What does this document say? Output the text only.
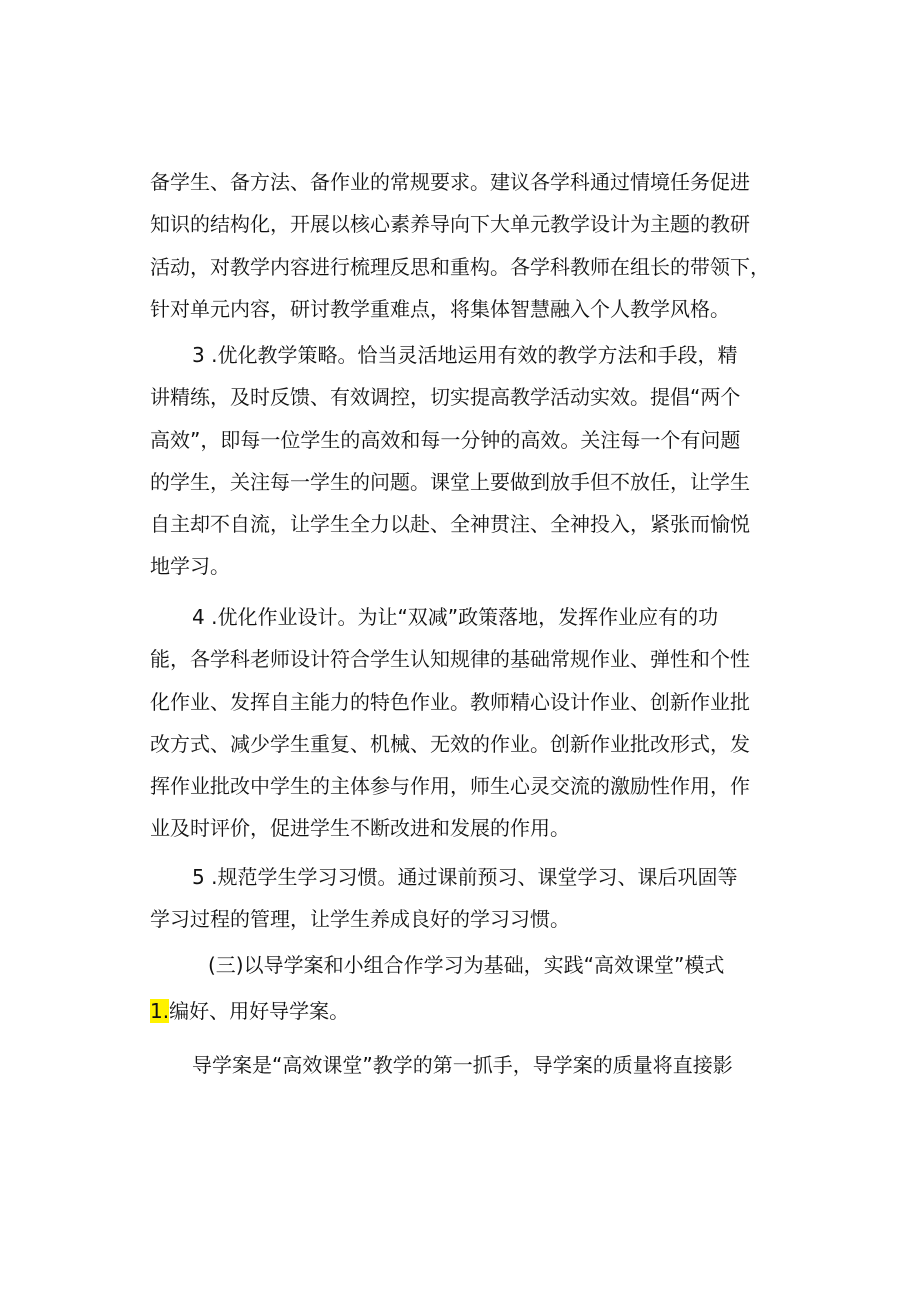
备学生、备方法、备作业的常规要求。建议各学科通过情境任务促进
知识的结构化，开展以核心素养导向下大单元教学设计为主题的教研
活动，对教学内容进行梳理反思和重构。各学科教师在组长的带领下，
针对单元内容，研讨教学重难点，将集体智慧融入个人教学风格。
3 .优化教学策略。恰当灵活地运用有效的教学方法和手段，精
讲精练，及时反馈、有效调控，切实提高教学活动实效。提倡“两个
高效”，即每一位学生的高效和每一分钟的高效。关注每一个有问题
的学生，关注每一学生的问题。课堂上要做到放手但不放任，让学生
自主却不自流，让学生全力以赴、全神贯注、全神投入，紧张而愉悦
地学习。
4 .优化作业设计。为让“双减”政策落地，发挥作业应有的功
能，各学科老师设计符合学生认知规律的基础常规作业、弹性和个性
化作业、发挥自主能力的特色作业。教师精心设计作业、创新作业批
改方式、减少学生重复、机械、无效的作业。创新作业批改形式，发
挥作业批改中学生的主体参与作用，师生心灵交流的激励性作用，作
业及时评价，促进学生不断改进和发展的作用。
5 .规范学生学习习惯。通过课前预习、课堂学习、课后巩固等
学习过程的管理，让学生养成良好的学习习惯。
(三)以导学案和小组合作学习为基础，实践“高效课堂”模式
1.编好、用好导学案。
导学案是“高效课堂”教学的第一抓手，导学案的质量将直接影
